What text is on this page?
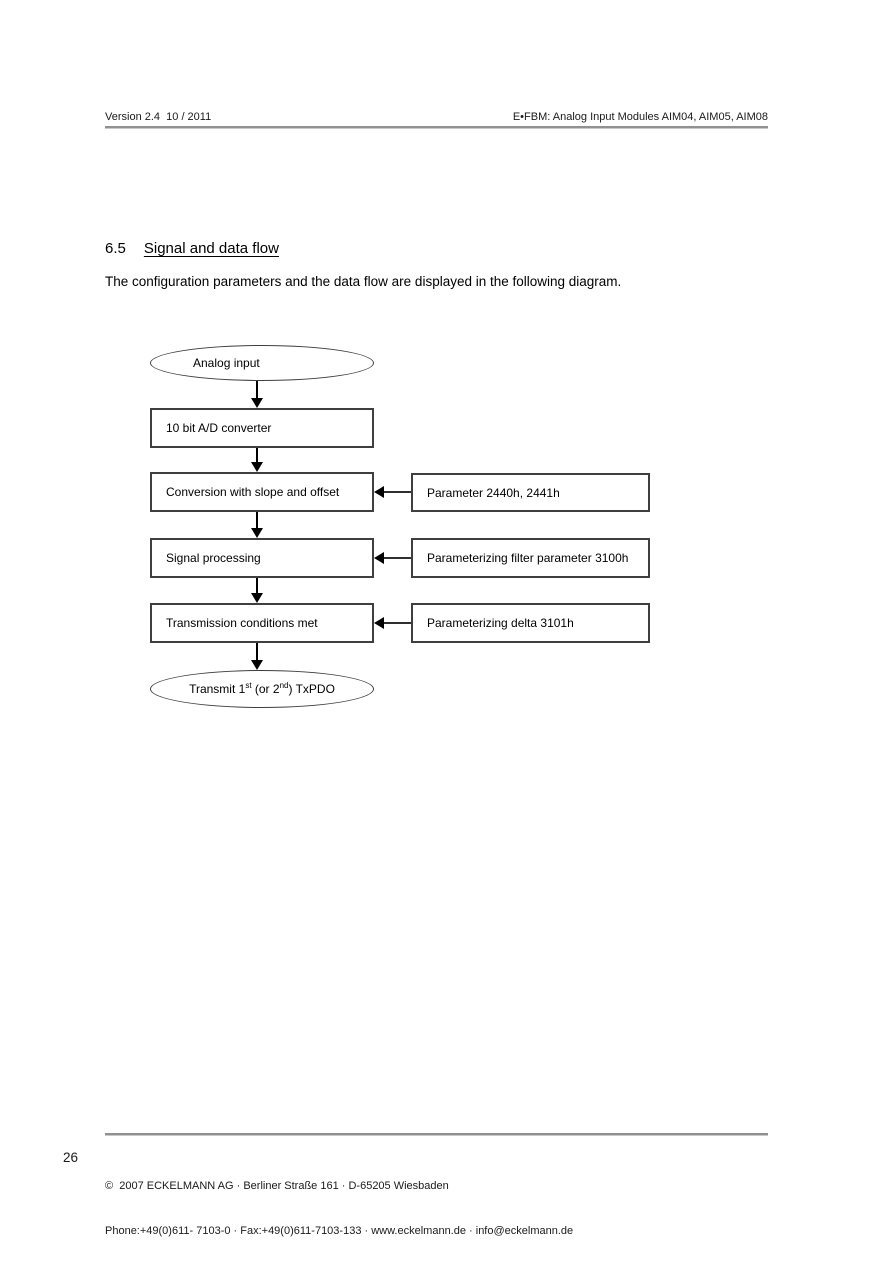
Version 2.4  10 / 2011	E•FBM: Analog Input Modules AIM04, AIM05, AIM08
6.5 Signal and data flow
The configuration parameters and the data flow are displayed in the following diagram.
Analog input
10 bit A/D converter
Conversion with slope and offset	Parameter 2440h, 2441h
Signal processing	Parameterizing filter parameter 3100h
Transmission conditions met	Parameterizing delta 3101h
Transmit 1st (or 2nd) TxPDO
26

©  2007 ECKELMANN AG · Berliner Straße 161 · D-65205 Wiesbaden

Phone:+49(0)611- 7103-0 · Fax:+49(0)611-7103-133 · www.eckelmann.de · info@eckelmann.de
